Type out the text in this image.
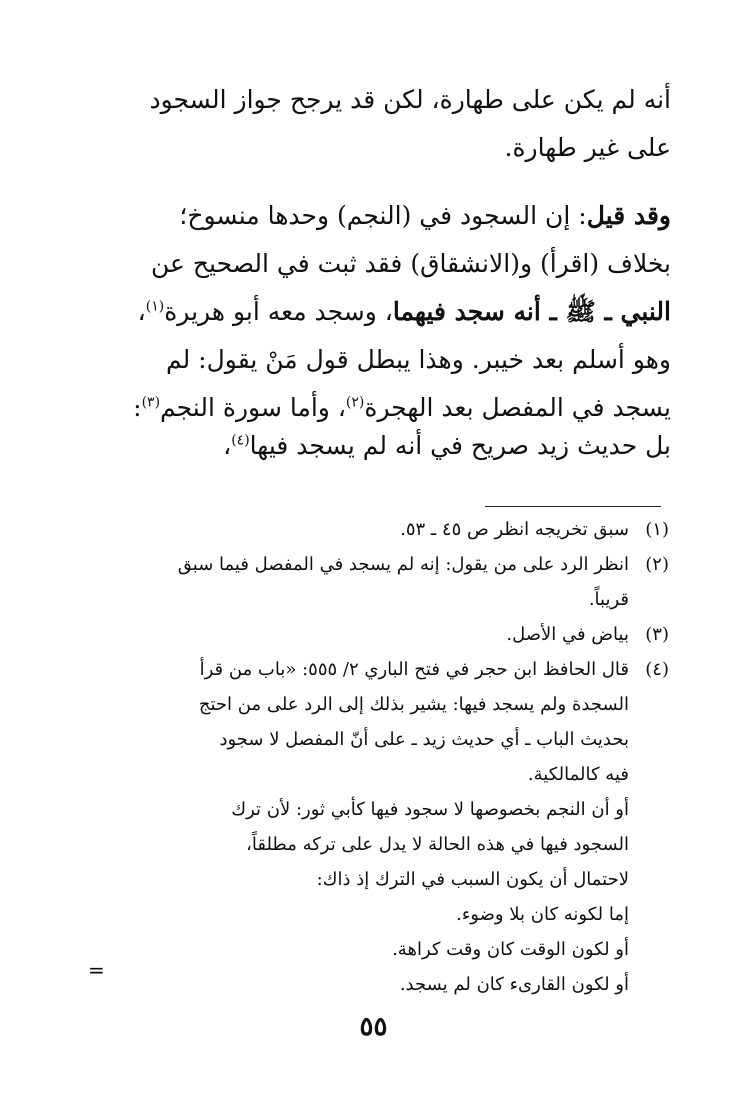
أنه لم يكن على طهارة، لكن قد يرجح جواز السجود
على غير طهارة.
وقد قيل: إن السجود في (النجم) وحدها منسوخ؛
بخلاف (اقرأ) و(الانشقاق) فقد ثبت في الصحيح عن
النبي ـ ﷺ ـ أنه سجد فيهما، وسجد معه أبو هريرة$^{(١)}$،
وهو أسلم بعد خيبر. وهذا يبطل قول مَنْ يقول: لم
يسجد في المفصل بعد الهجرة$^{(٢)}$، وأما سورة النجم$^{(٣)}$:
بل حديث زيد صريح في أنه لم يسجد فيها$^{(٤)}$،
(١)
سبق تخريجه انظر ص ٤٥ ـ ٥٣.
(٢)
انظر الرد على من يقول: إنه لم يسجد في المفصل فيما سبق
قريباً.
(٣)
بياض في الأصل.
(٤)
قال الحافظ ابن حجر في فتح الباري ٢/ ٥٥٥: «باب من قرأ
السجدة ولم يسجد فيها: يشير بذلك إلى الرد على من احتج
بحديث الباب ـ أي حديث زيد ـ على أنّ المفصل لا سجود
فيه كالمالكية.
أو أن النجم بخصوصها لا سجود فيها كأبي ثور: لأن ترك
السجود فيها في هذه الحالة لا يدل على تركه مطلقاً،
لاحتمال أن يكون السبب في الترك إذ ذاك:
إما لكونه كان بلا وضوء.
أو لكون الوقت كان وقت كراهة.
أو لكون القارىء كان لم يسجد.
=
٥٥
